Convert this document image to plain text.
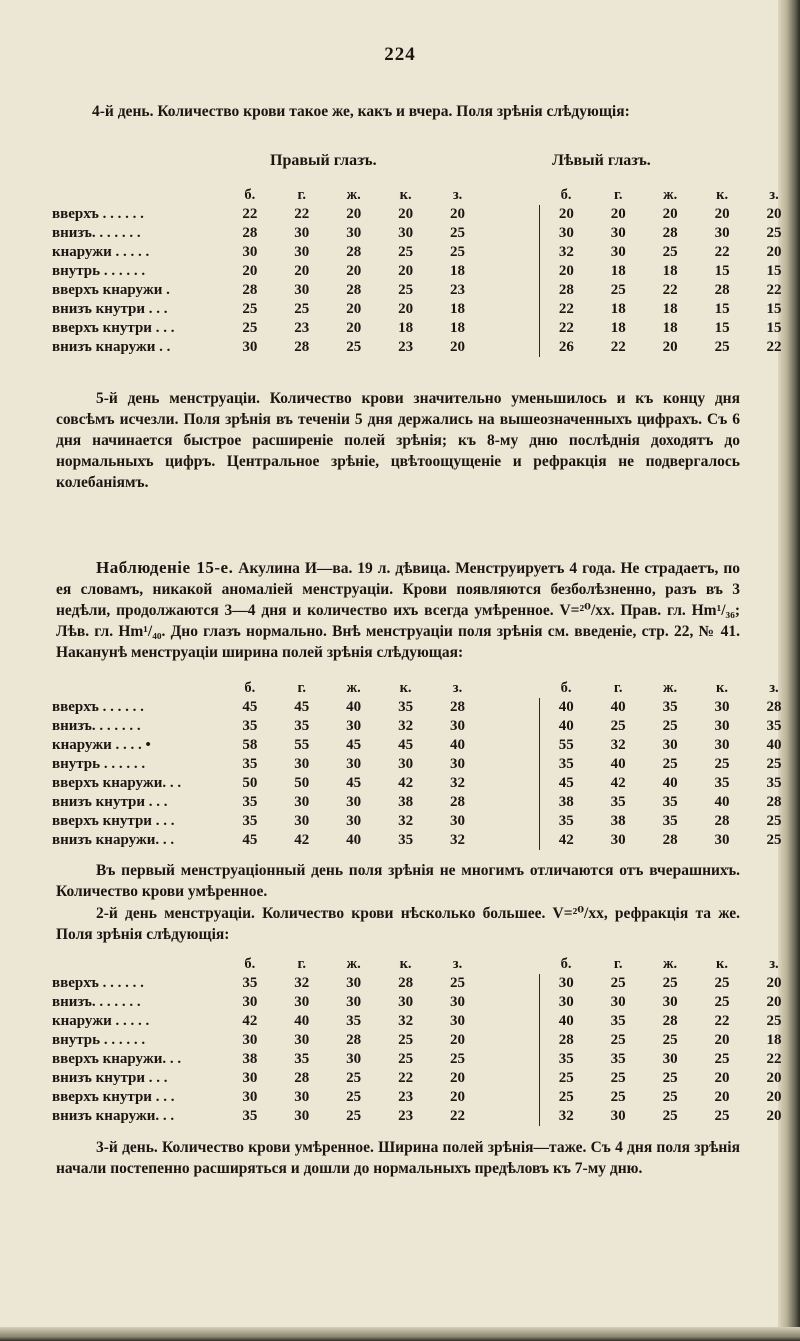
224

4-й день. Количество крови такое же, какъ и вчера. Поля зрѣнія слѣдующія:

Правый глазъ.	Лѣвый глазъ.
	б.	г.	ж.	к.	з.		б.	г.	ж.	к.	з.
вверхъ . . . . . .	22	22	20	20	20		20	20	20	20	20
внизъ. . . . . . .	28	30	30	30	25		30	30	28	30	25
кнаружи . . . . .	30	30	28	25	25		32	30	25	22	20
внутрь . . . . . .	20	20	20	20	18		20	18	18	15	15
вверхъ кнаружи .	28	30	28	25	23		28	25	22	28	22
внизъ кнутри . . .	25	25	20	20	18		22	18	18	15	15
вверхъ кнутри . . .	25	23	20	18	18		22	18	18	15	15
внизъ кнаружи . .	30	28	25	23	20		26	22	20	25	22

5-й день менструаціи. Количество крови значительно уменьшилось и къ концу дня совсѣмъ исчезли. Поля зрѣнія въ теченіи 5 дня держались на вышеозначенныхъ цифрахъ. Съ 6 дня начинается быстрое расширеніе полей зрѣнія; къ 8-му дню послѣднія доходятъ до нормальныхъ цифръ. Центральное зрѣніе, цвѣтоощущеніе и рефракція не подвергалось колебаніямъ.

Наблюденіе 15-е. Акулина И—ва. 19 л. дѣвица. Менструируетъ 4 года. Не страдаетъ, по ея словамъ, никакой аномаліей менструаціи. Крови появляются безболѣзненно, разъ въ 3 недѣли, продолжаются 3—4 дня и количество ихъ всегда умѣренное. V=²⁰/xx. Прав. гл. Hm¹/₃₆; Лѣв. гл. Hm¹/₄₀. Дно глазъ нормально. Внѣ менструаціи поля зрѣнія см. введеніе, стр. 22, № 41. Наканунѣ менструаціи ширина полей зрѣнія слѣдующая:

	б.	г.	ж.	к.	з.		б.	г.	ж.	к.	з.
вверхъ . . . . . .	45	45	40	35	28		40	40	35	30	28
внизъ. . . . . . .	35	35	30	32	30		40	25	25	30	35
кнаружи . . . . •	58	55	45	45	40		55	32	30	30	40
внутрь . . . . . .	35	30	30	30	30		35	40	25	25	25
вверхъ кнаружи. . .	50	50	45	42	32		45	42	40	35	35
внизъ кнутри . . .	35	30	30	38	28		38	35	35	40	28
вверхъ кнутри . . .	35	30	30	32	30		35	38	35	28	25
внизъ кнаружи. . .	45	42	40	35	32		42	30	28	30	25

Въ первый менструаціонный день поля зрѣнія не многимъ отличаются отъ вчерашнихъ. Количество крови умѣренное.

2-й день менструаціи. Количество крови нѣсколько большее. V=²⁰/xx, рефракція та же. Поля зрѣнія слѣдующія:

	б.	г.	ж.	к.	з.		б.	г.	ж.	к.	з.
вверхъ . . . . . .	35	32	30	28	25		30	25	25	25	20
внизъ. . . . . . .	30	30	30	30	30		30	30	30	25	20
кнаружи . . . . .	42	40	35	32	30		40	35	28	22	25
внутрь . . . . . .	30	30	28	25	20		28	25	25	20	18
вверхъ кнаружи. . .	38	35	30	25	25		35	35	30	25	22
внизъ кнутри . . .	30	28	25	22	20		25	25	25	20	20
вверхъ кнутри . . .	30	30	25	23	20		25	25	25	20	20
внизъ кнаружи. . .	35	30	25	23	22		32	30	25	25	20

3-й день. Количество крови умѣренное. Ширина полей зрѣнія—таже. Съ 4 дня поля зрѣнія начали постепенно расширяться и дошли до нормальныхъ предѣловъ къ 7-му дню.
